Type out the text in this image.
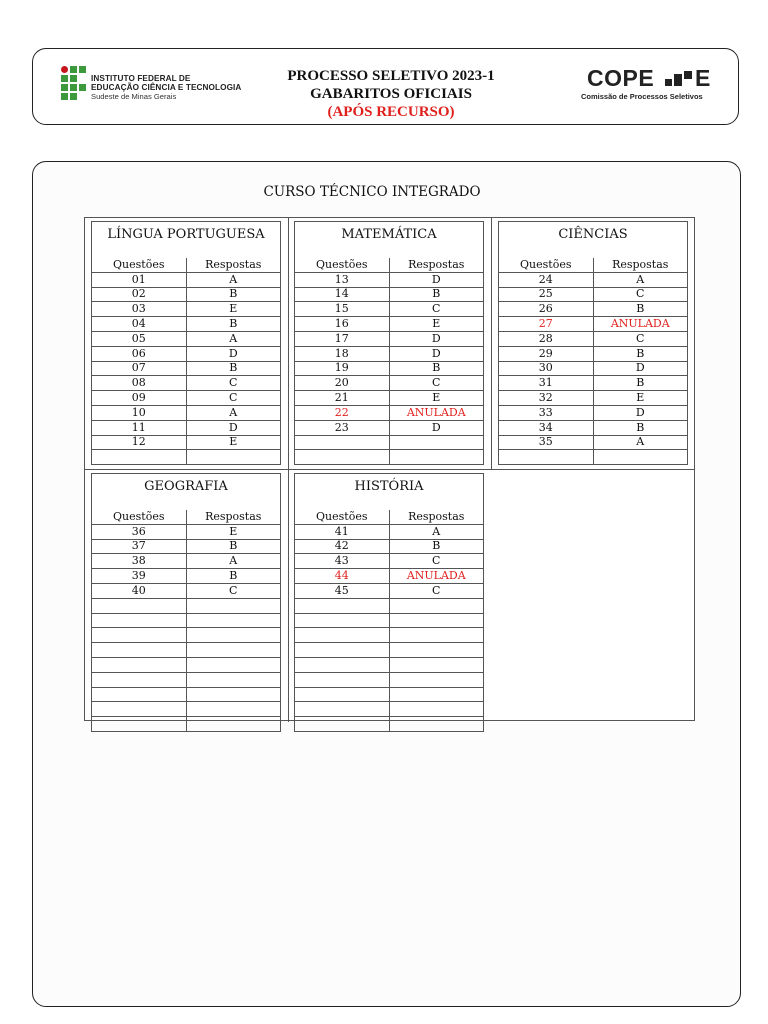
INSTITUTO FEDERAL DE
EDUCAÇÃO CIÊNCIA E TECNOLOGIA
Sudeste de Minas Gerais
PROCESSO SELETIVO 2023-1
GABARITOS OFICIAIS
(APÓS RECURSO)
COPE E
Comissão de Processos Seletivos
CURSO TÉCNICO INTEGRADO
LÍNGUA PORTUGUESA
Questões	Respostas
01	A
02	B
03	E
04	B
05	A
06	D
07	B
08	C
09	C
10	A
11	D
12	E

MATEMÁTICA
Questões	Respostas
13	D
14	B
15	C
16	E
17	D
18	D
19	B
20	C
21	E
22	ANULADA
23	D

CIÊNCIAS
Questões	Respostas
24	A
25	C
26	B
27	ANULADA
28	C
29	B
30	D
31	B
32	E
33	D
34	B
35	A

GEOGRAFIA
Questões	Respostas
36	E
37	B
38	A
39	B
40	C

HISTÓRIA
Questões	Respostas
41	A
42	B
43	C
44	ANULADA
45	C
